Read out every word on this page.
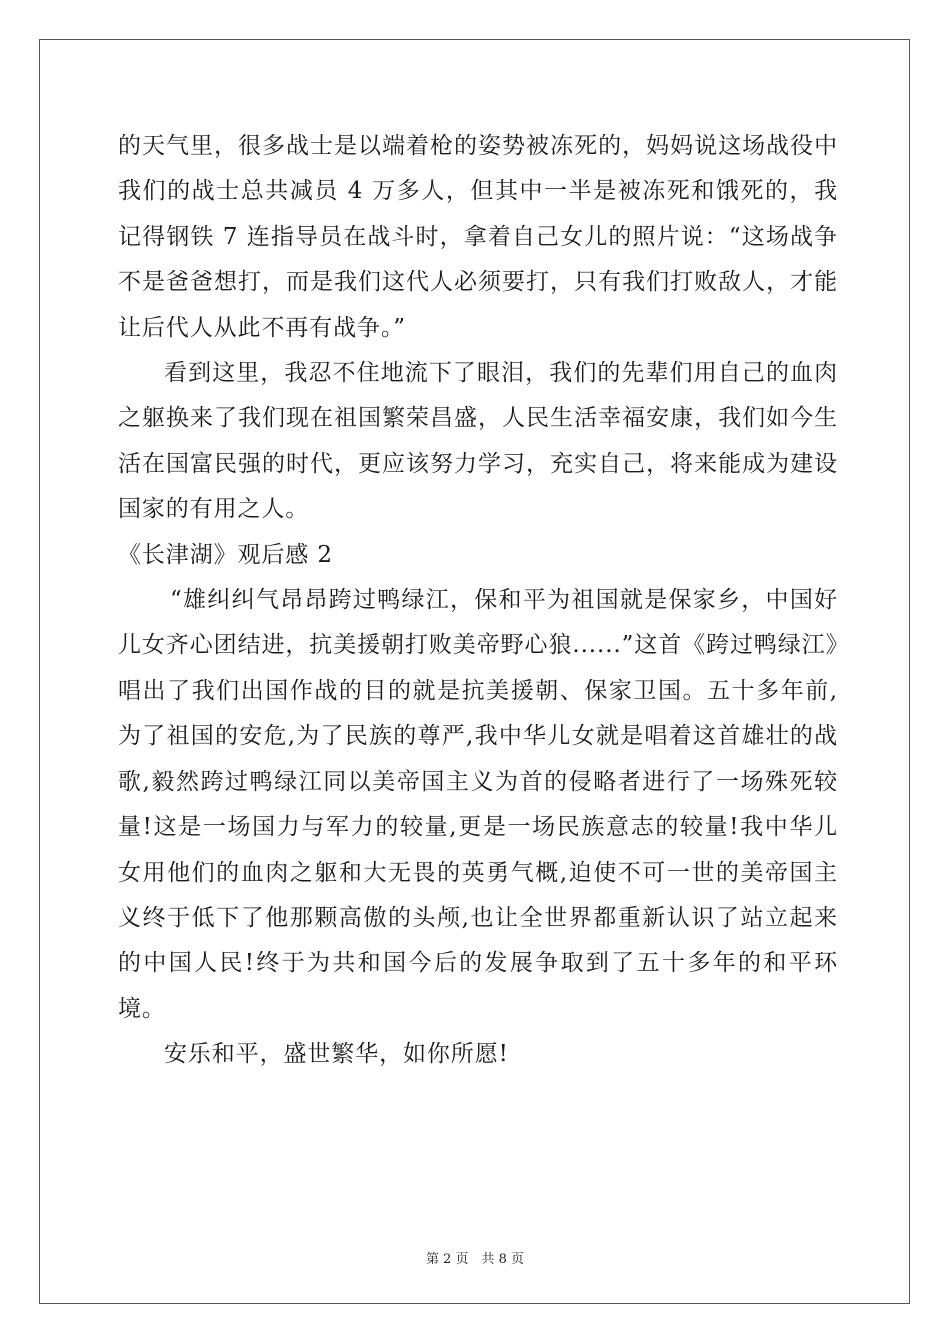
的天气里，很多战士是以端着枪的姿势被冻死的，妈妈说这场战役中我们的战士总共减员 4 万多人，但其中一半是被冻死和饿死的，我记得钢铁 7 连指导员在战斗时，拿着自己女儿的照片说：“这场战争不是爸爸想打，而是我们这代人必须要打，只有我们打败敌人，才能让后代人从此不再有战争。”

看到这里，我忍不住地流下了眼泪，我们的先辈们用自己的血肉之躯换来了我们现在祖国繁荣昌盛，人民生活幸福安康，我们如今生活在国富民强的时代，更应该努力学习，充实自己，将来能成为建设国家的有用之人。

《长津湖》观后感 2

“雄纠纠气昂昂跨过鸭绿江，保和平为祖国就是保家乡，中国好儿女齐心团结进，抗美援朝打败美帝野心狼......”这首《跨过鸭绿江》唱出了我们出国作战的目的就是抗美援朝、保家卫国。五十多年前,为了祖国的安危,为了民族的尊严,我中华儿女就是唱着这首雄壮的战歌,毅然跨过鸭绿江同以美帝国主义为首的侵略者进行了一场殊死较量!这是一场国力与军力的较量,更是一场民族意志的较量!我中华儿女用他们的血肉之躯和大无畏的英勇气概,迫使不可一世的美帝国主义终于低下了他那颗高傲的头颅,也让全世界都重新认识了站立起来的中国人民!终于为共和国今后的发展争取到了五十多年的和平环境。

安乐和平，盛世繁华，如你所愿!

第 2 页　共 8 页
